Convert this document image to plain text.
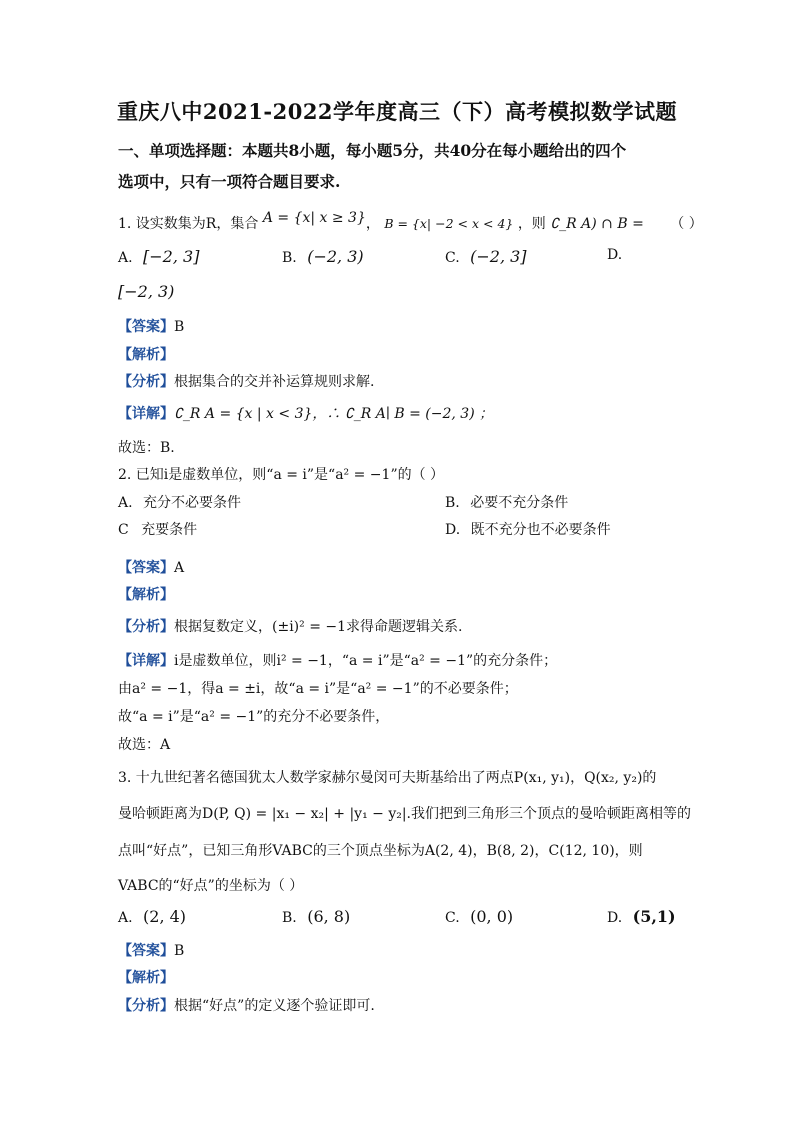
重庆八中2021-2022学年度高三（下）高考模拟数学试题
一、单项选择题：本题共8小题，每小题5分，共40分在每小题给出的四个
选项中，只有一项符合题目要求.
1. 设实数集为R，集合 A = {x| x ≥ 3}， B = {x| −2 < x < 4} ，则 ∁_R A) ∩ B = （ ）
A. [−2, 3]	B. (−2, 3)	C. (−2, 3]	D.
[−2, 3)
【答案】B
【解析】
【分析】根据集合的交并补运算规则求解.
【详解】∁_R A = {x | x < 3}，∴ ∁_R A∣ B = (−2, 3) ；
故选：B.
2. 已知i是虚数单位，则“a = i”是“a² = −1”的（ ）
A. 充分不必要条件	B. 必要不充分条件
C 充要条件	D. 既不充分也不必要条件
【答案】A
【解析】
【分析】根据复数定义，(±i)² = −1求得命题逻辑关系.
【详解】i是虚数单位，则i² = −1，“a = i”是“a² = −1”的充分条件；
由a² = −1，得a = ±i，故“a = i”是“a² = −1”的不必要条件；
故“a = i”是“a² = −1”的充分不必要条件，
故选：A
3. 十九世纪著名德国犹太人数学家赫尔曼闵可夫斯基给出了两点P(x₁, y₁)，Q(x₂, y₂)的
曼哈顿距离为D(P, Q) = |x₁ − x₂| + |y₁ − y₂|.我们把到三角形三个顶点的曼哈顿距离相等的
点叫“好点”，已知三角形VABC的三个顶点坐标为A(2, 4)，B(8, 2)，C(12, 10)，则
VABC的“好点”的坐标为（ ）
A. (2, 4)	B. (6, 8)	C. (0, 0)	D. (5,1)
【答案】B
【解析】
【分析】根据“好点”的定义逐个验证即可.
